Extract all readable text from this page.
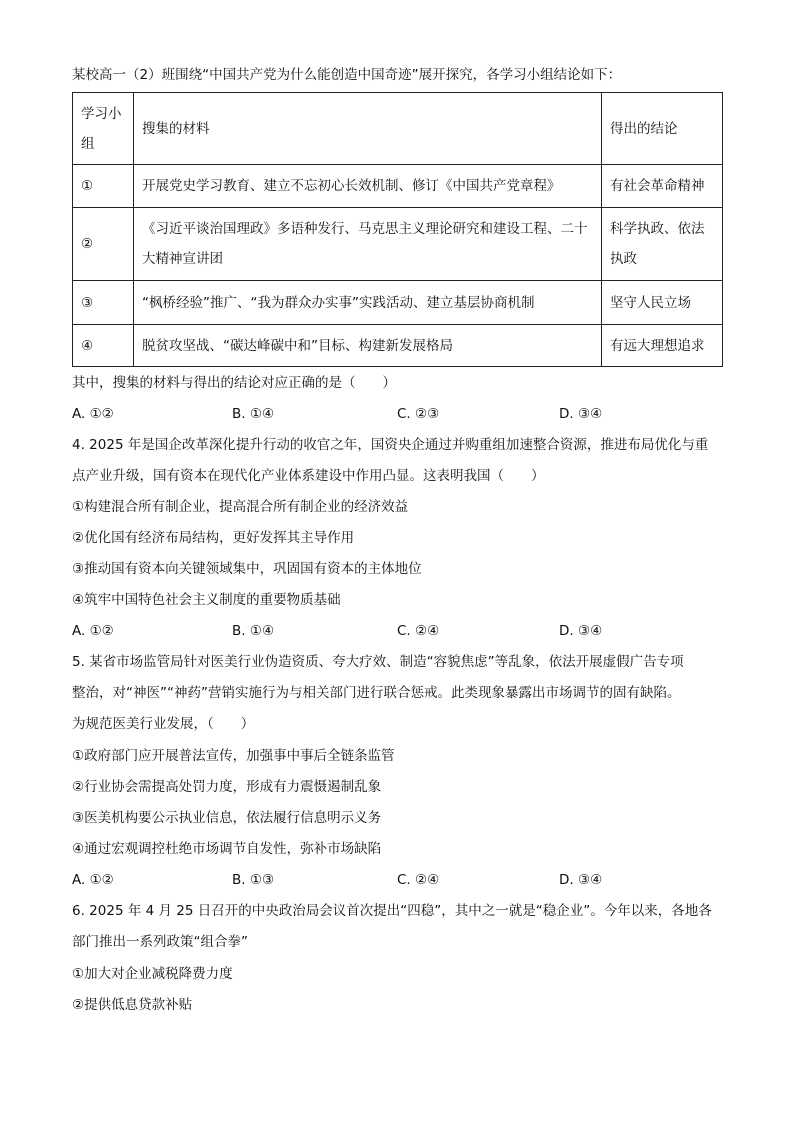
某校高一（2）班围绕“中国共产党为什么能创造中国奇迹”展开探究，各学习小组结论如下：
学习小组	搜集的材料	得出的结论
①	开展党史学习教育、建立不忘初心长效机制、修订《中国共产党章程》	有社会革命精神
②	《习近平谈治国理政》多语种发行、马克思主义理论研究和建设工程、二十大精神宣讲团	科学执政、依法执政
③	“枫桥经验”推广、“我为群众办实事”实践活动、建立基层协商机制	坚守人民立场
④	脱贫攻坚战、“碳达峰碳中和”目标、构建新发展格局	有远大理想追求
其中，搜集的材料与得出的结论对应正确的是（　　）
A. ①②	B. ①④	C. ②③	D. ③④
4. 2025 年是国企改革深化提升行动的收官之年，国资央企通过并购重组加速整合资源，推进布局优化与重
点产业升级，国有资本在现代化产业体系建设中作用凸显。这表明我国（　　）
①构建混合所有制企业，提高混合所有制企业的经济效益
②优化国有经济布局结构，更好发挥其主导作用
③推动国有资本向关键领域集中，巩固国有资本的主体地位
④筑牢中国特色社会主义制度的重要物质基础
A. ①②	B. ①④	C. ②④	D. ③④
5. 某省市场监管局针对医美行业伪造资质、夸大疗效、制造“容貌焦虑”等乱象，依法开展虚假广告专项
整治，对“神医”“神药”营销实施行为与相关部门进行联合惩戒。此类现象暴露出市场调节的固有缺陷。
为规范医美行业发展，（　　）
①政府部门应开展普法宣传，加强事中事后全链条监管
②行业协会需提高处罚力度，形成有力震慑遏制乱象
③医美机构要公示执业信息，依法履行信息明示义务
④通过宏观调控杜绝市场调节自发性，弥补市场缺陷
A. ①②	B. ①③	C. ②④	D. ③④
6. 2025 年 4 月 25 日召开的中央政治局会议首次提出“四稳”，其中之一就是“稳企业”。今年以来，各地各
部门推出一系列政策“组合拳”
①加大对企业减税降费力度
②提供低息贷款补贴
